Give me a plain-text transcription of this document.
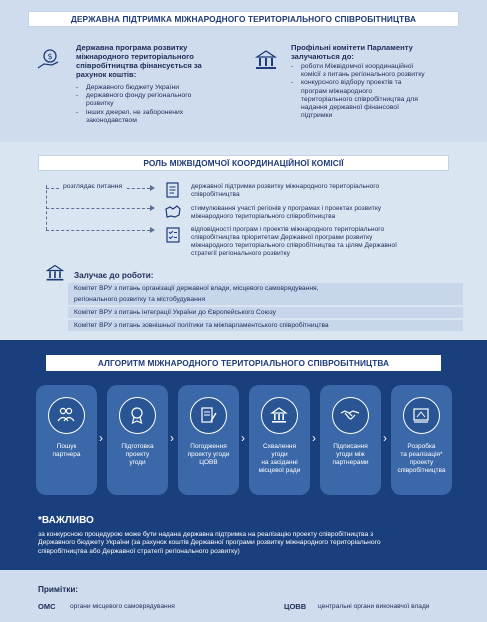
ДЕРЖАВНА ПІДТРИМКА МІЖНАРОДНОГО ТЕРИТОРІАЛЬНОГО СПІВРОБІТНИЦТВА
$
Державна програма розвитку
міжнародного територіального
співробітництва фінансується за
рахунок коштів:
- Державного бюджету України
- державного фонду регіонального
розвитку
- інших джерел, не заборонених
законодавством
Профільні комітети Парламенту
залучаються до:
- роботи Міжвідомчої координаційної
комісії з питань регіонального розвитку
- конкурсного відбору проектів та
програм міжнародного
територіального співробітництва для
надання державної фінансової
підтримки
РОЛЬ МІЖВІДОМЧОЇ КООРДИНАЦІЙНОЇ КОМІСІЇ
розглядає питання	державної підтримки розвитку міжнародного територіального
співробітництва
стимулювання участі регіонів у програмах і проектах розвитку
міжнародного територіального співробітництва
відповідності програм і проектів міжнародного територіального
співробітництва пріоритетам Державної програми розвитку
міжнародного територіального співробітництва та цілям Державної
стратегії регіонального розвитку
Залучає до роботи:
Комітет ВРУ з питань організації державної влади, місцевого самоврядування,
регіонального розвитку та містобудування
Комітет ВРУ з питань інтеграції України до Європейського Союзу
Комітет ВРУ з питань зовнішньої політики та міжпарламентського співробітництва
АЛГОРИТМ МІЖНАРОДНОГО ТЕРИТОРІАЛЬНОГО СПІВРОБІТНИЦТВА
Пошук
партнера
›
Підготовка
проекту
угоди
›
Погодження
проекту угоди
ЦОВВ
›
Схвалення
угоди
на засіданні
місцевої ради
›
Підписання
угоди між
партнерами
›
Розробка
та реалізація*
проекту
співробітництва
*ВАЖЛИВО
за конкурсною процедурою може бути надана державна підтримка на реалізацію проекту співробітництва з
Державного бюджету України (за рахунок коштів Державної програми розвитку міжнародного територіального
співробітництва або Державної стратегії регіонального розвитку)
Примітки:
ОМС органи місцевого самоврядування	ЦОВВ центральні органи виконавчої влади
